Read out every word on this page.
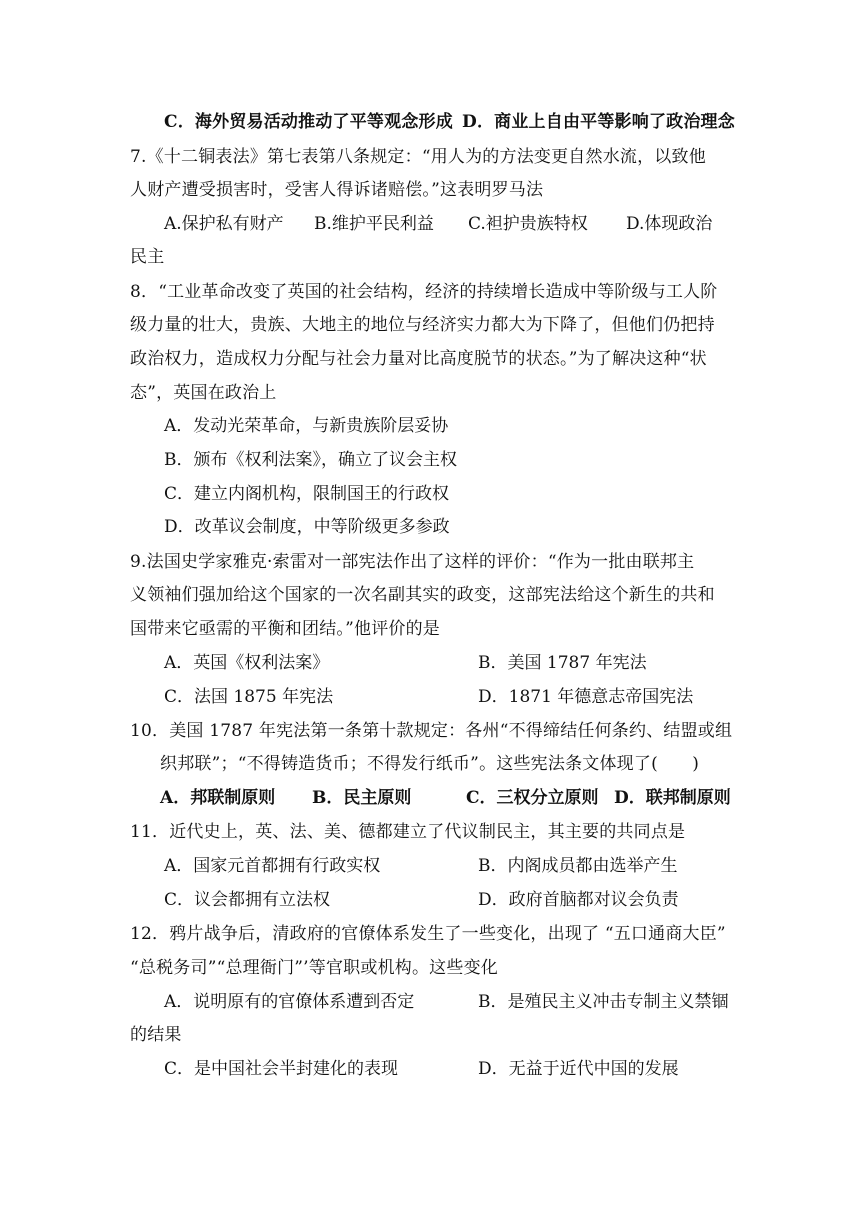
C．海外贸易活动推动了平等观念形成 D．商业上自由平等影响了政治理念
7.《十二铜表法》第七表第八条规定：“用人为的方法变更自然水流，以致他
人财产遭受损害时，受害人得诉诸赔偿。”这表明罗马法
A.保护私有财产 B.维护平民利益 C.袒护贵族特权 D.体现政治
民主
8．“工业革命改变了英国的社会结构，经济的持续增长造成中等阶级与工人阶
级力量的壮大，贵族、大地主的地位与经济实力都大为下降了，但他们仍把持
政治权力，造成权力分配与社会力量对比高度脱节的状态。”为了解决这种“状
态”，英国在政治上
A．发动光荣革命，与新贵族阶层妥协
B．颁布《权利法案》，确立了议会主权
C．建立内阁机构，限制国王的行政权
D．改革议会制度，中等阶级更多参政
9.法国史学家雅克·索雷对一部宪法作出了这样的评价：“作为一批由联邦主
义领袖们强加给这个国家的一次名副其实的政变，这部宪法给这个新生的共和
国带来它亟需的平衡和团结。”他评价的是
A．英国《权利法案》	B．美国 1787 年宪法
C．法国 1875 年宪法	D．1871 年德意志帝国宪法
10．美国 1787 年宪法第一条第十款规定：各州“不得缔结任何条约、结盟或组
织邦联”；“不得铸造货币；不得发行纸币”。这些宪法条文体现了(　　)
A．邦联制原则 B．民主原则	C．三权分立原则 D．联邦制原则
11．近代史上，英、法、美、德都建立了代议制民主，其主要的共同点是
A．国家元首都拥有行政实权	B．内阁成员都由选举产生
C．议会都拥有立法权	D．政府首脑都对议会负责
12．鸦片战争后，清政府的官僚体系发生了一些变化，出现了 “五口通商大臣”
“总税务司”“总理衙门”’等官职或机构。这些变化
A．说明原有的官僚体系遭到否定	B．是殖民主义冲击专制主义禁锢
的结果
C．是中国社会半封建化的表现	D．无益于近代中国的发展
